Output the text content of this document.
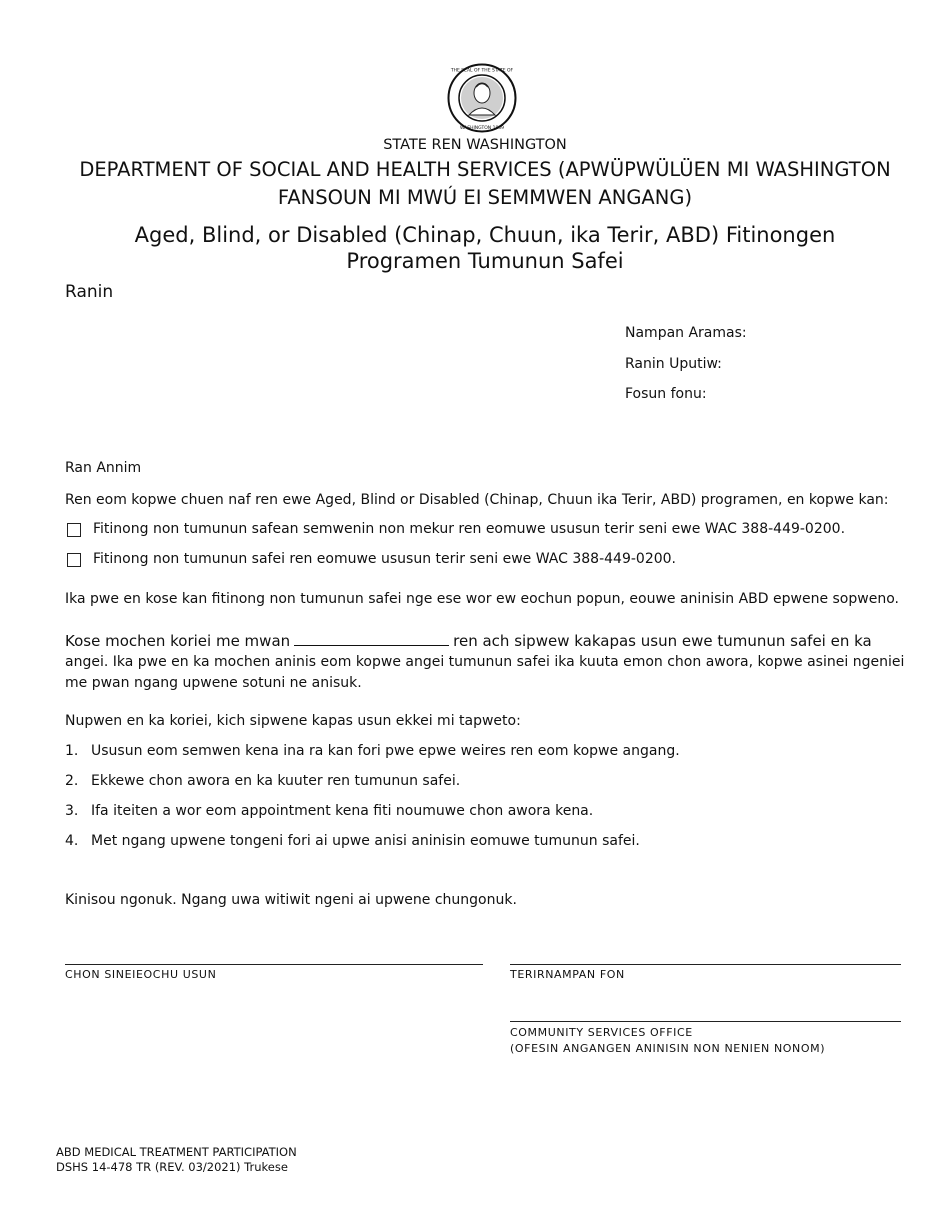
THE SEAL OF THE STATE OF
WASHINGTON 1889
STATE REN WASHINGTON
DEPARTMENT OF SOCIAL AND HEALTH SERVICES (APWÜPWÜLÜEN MI WASHINGTON
FANSOUN MI MWÚ EI SEMMWEN ANGANG)
Aged, Blind, or Disabled (Chinap, Chuun, ika Terir, ABD) Fitinongen
Programen Tumunun Safei
Ranin
Nampan Aramas:
Ranin Uputiw:
Fosun fonu:
Ran Annim
Ren eom kopwe chuen naf ren ewe Aged, Blind or Disabled (Chinap, Chuun ika Terir, ABD) programen, en kopwe kan:
Fitinong non tumunun safean semwenin non mekur ren eomuwe ususun terir seni ewe WAC 388-449-0200.
Fitinong non tumunun safei ren eomuwe ususun terir seni ewe WAC 388-449-0200.
Ika pwe en kose kan fitinong non tumunun safei nge ese wor ew eochun popun, eouwe aninisin ABD epwene sopweno.
Kose mochen koriei me mwan	ren ach sipwew kakapas usun ewe tumunun safei en ka
angei. Ika pwe en ka mochen aninis eom kopwe angei tumunun safei ika kuuta emon chon awora, kopwe asinei ngeniei
me pwan ngang upwene sotuni ne anisuk.
Nupwen en ka koriei, kich sipwene kapas usun ekkei mi tapweto:
1. Ususun eom semwen kena ina ra kan fori pwe epwe weires ren eom kopwe angang.
2. Ekkewe chon awora en ka kuuter ren tumunun safei.
3. Ifa iteiten a wor eom appointment kena fiti noumuwe chon awora kena.
4. Met ngang upwene tongeni fori ai upwe anisi aninisin eomuwe tumunun safei.
Kinisou ngonuk. Ngang uwa witiwit ngeni ai upwene chungonuk.
CHON SINEIEOCHU USUN	TERIRNAMPAN FON
COMMUNITY SERVICES OFFICE
(OFESIN ANGANGEN ANINISIN NON NENIEN NONOM)
ABD MEDICAL TREATMENT PARTICIPATION
DSHS 14-478 TR (REV. 03/2021) Trukese
